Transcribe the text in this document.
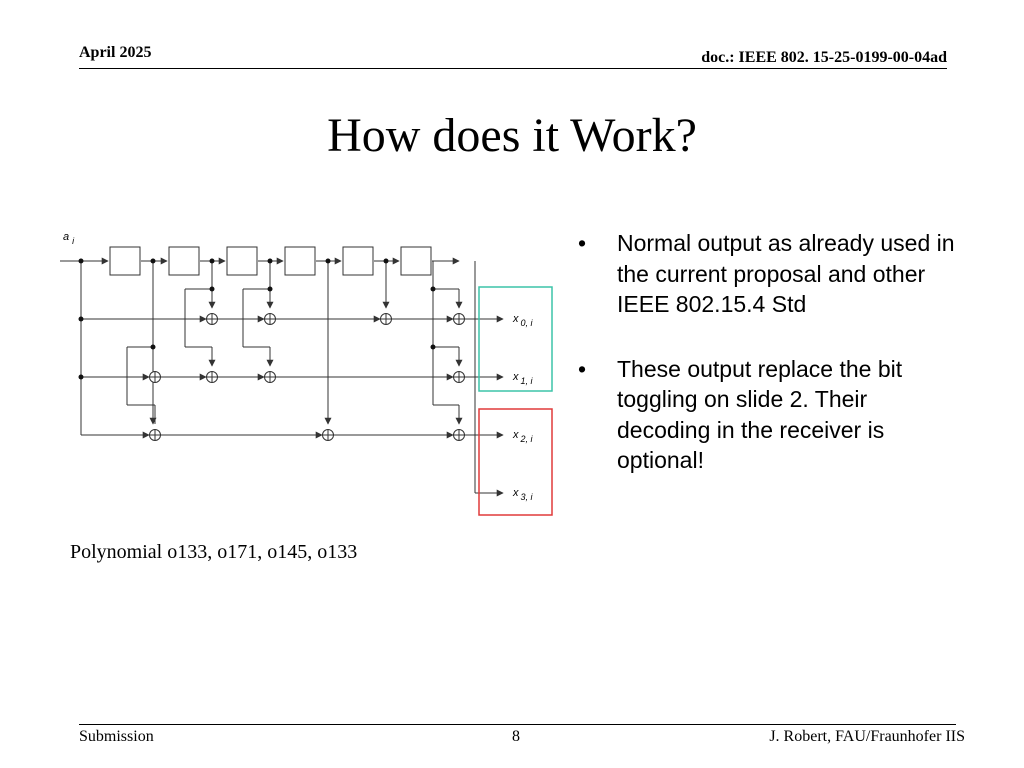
April 2025	doc.: IEEE 802. 15-25-0199-00-04ad
How does it Work?
a $_i$
x $_{0, i}$
x $_{1, i}$
x $_{2, i}$
x $_{3, i}$
Polynomial o133, o171, o145, o133
• Normal output as already used in the current proposal and other IEEE 802.15.4 Std
• These output replace the bit toggling on slide 2. Their decoding in the receiver is optional!
Submission	8	J. Robert, FAU/Fraunhofer IIS
